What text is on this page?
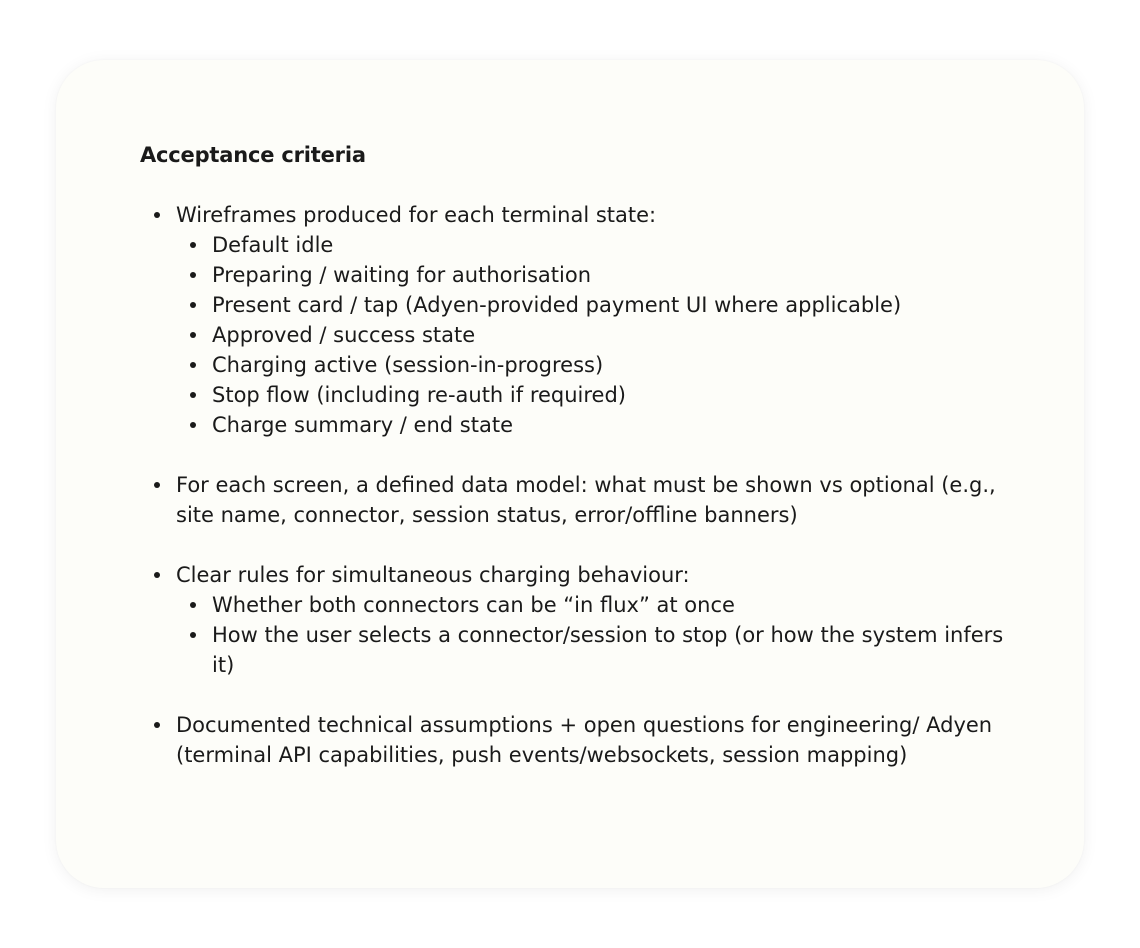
Acceptance criteria
Wireframes produced for each terminal state:
Default idle
Preparing / waiting for authorisation
Present card / tap (Adyen-provided payment UI where applicable)
Approved / success state
Charging active (session-in-progress)
Stop flow (including re-auth if required)
Charge summary / end state
For each screen, a defined data model: what must be shown vs optional (e.g., site name, connector, session status, error/offline banners)
Clear rules for simultaneous charging behaviour:
Whether both connectors can be “in flux” at once
How the user selects a connector/session to stop (or how the system infers it)
Documented technical assumptions + open questions for engineering/ Adyen (terminal API capabilities, push events/websockets, session mapping)
